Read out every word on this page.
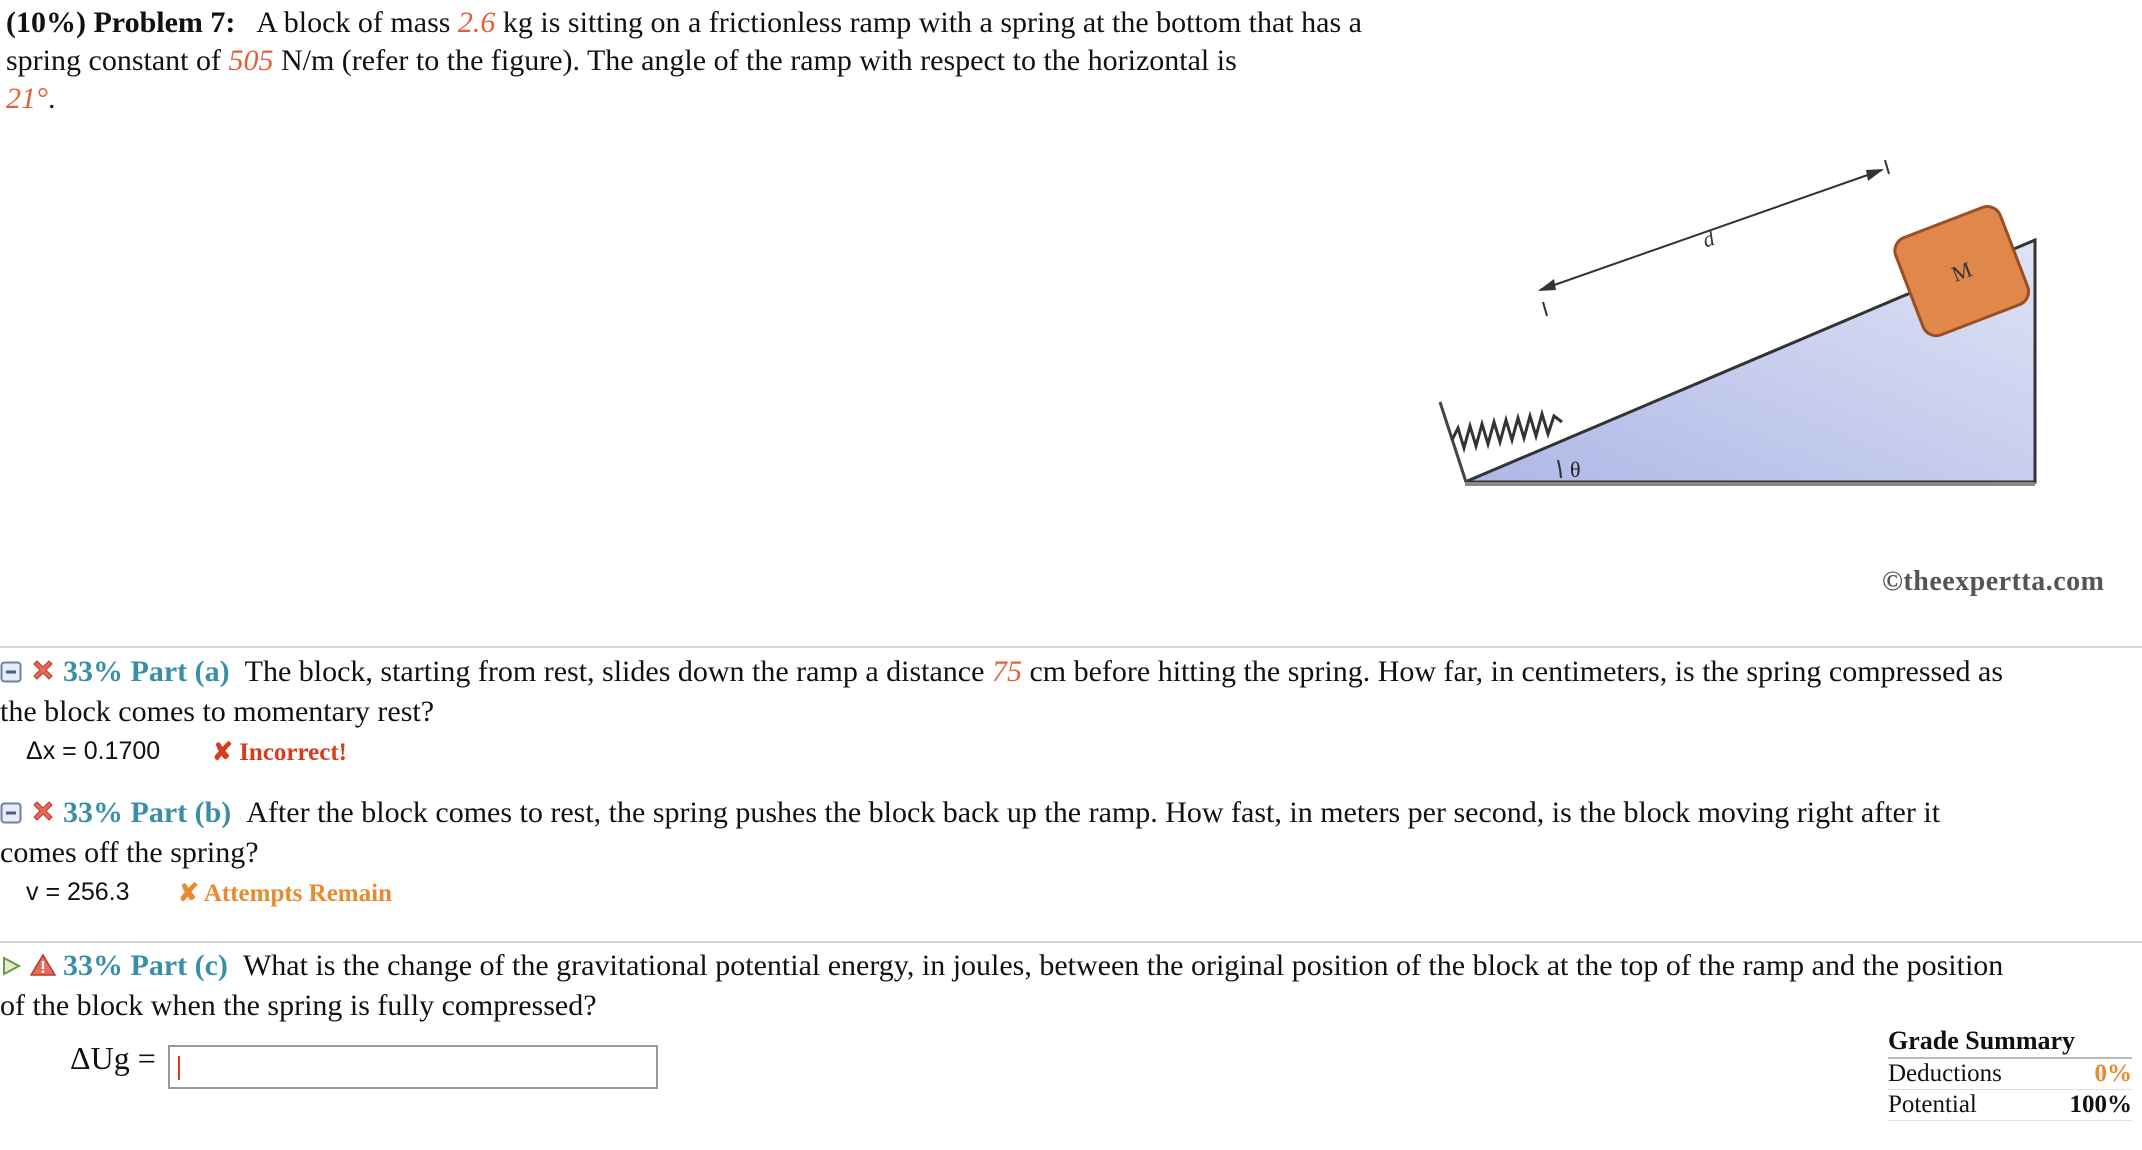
(10%) Problem 7: A block of mass 2.6 kg is sitting on a frictionless ramp with a spring at the bottom that has a spring constant of 505 N/m (refer to the figure). The angle of the ramp with respect to the horizontal is
21°.
d
M
θ
©theexpertta.com
33% Part (a) The block, starting from rest, slides down the ramp a distance 75 cm before hitting the spring. How far, in centimeters, is the spring compressed as
the block comes to momentary rest?
Δx = 0.1700 ✘ Incorrect!
33% Part (b) After the block comes to rest, the spring pushes the block back up the ramp. How fast, in meters per second, is the block moving right after it
comes off the spring?
v = 256.3 ✘ Attempts Remain
33% Part (c) What is the change of the gravitational potential energy, in joules, between the original position of the block at the top of the ramp and the position
of the block when the spring is fully compressed?
ΔUg =	Grade Summary
Deductions	0%
Potential	100%
